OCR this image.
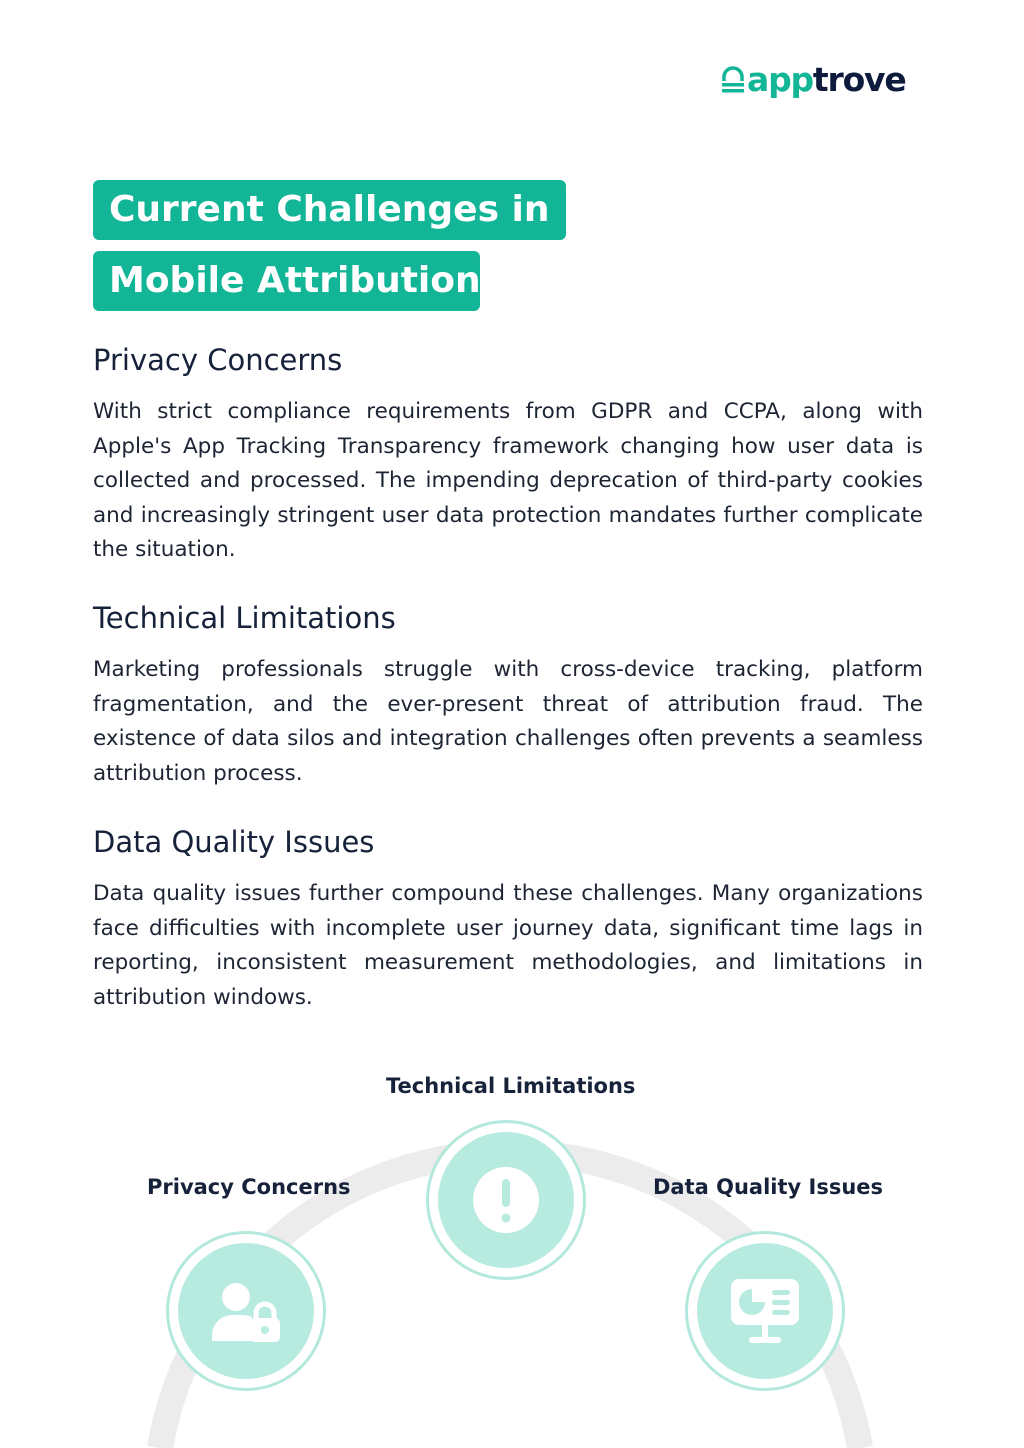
app trove
Current Challenges in
Mobile Attribution
Privacy Concerns

With strict compliance requirements from GDPR and CCPA, along with Apple's App Tracking Transparency framework changing how user data is collected and processed. The impending deprecation of third-party cookies and increasingly stringent user data protection mandates further complicate the situation.

Technical Limitations

Marketing professionals struggle with cross-device tracking, platform fragmentation, and the ever-present threat of attribution fraud. The existence of data silos and integration challenges often prevents a seamless attribution process.

Data Quality Issues

Data quality issues further compound these challenges. Many organizations face difficulties with incomplete user journey data, significant time lags in reporting, inconsistent measurement methodologies, and limitations in attribution windows.

Technical Limitations
Privacy Concerns	Data Quality Issues
